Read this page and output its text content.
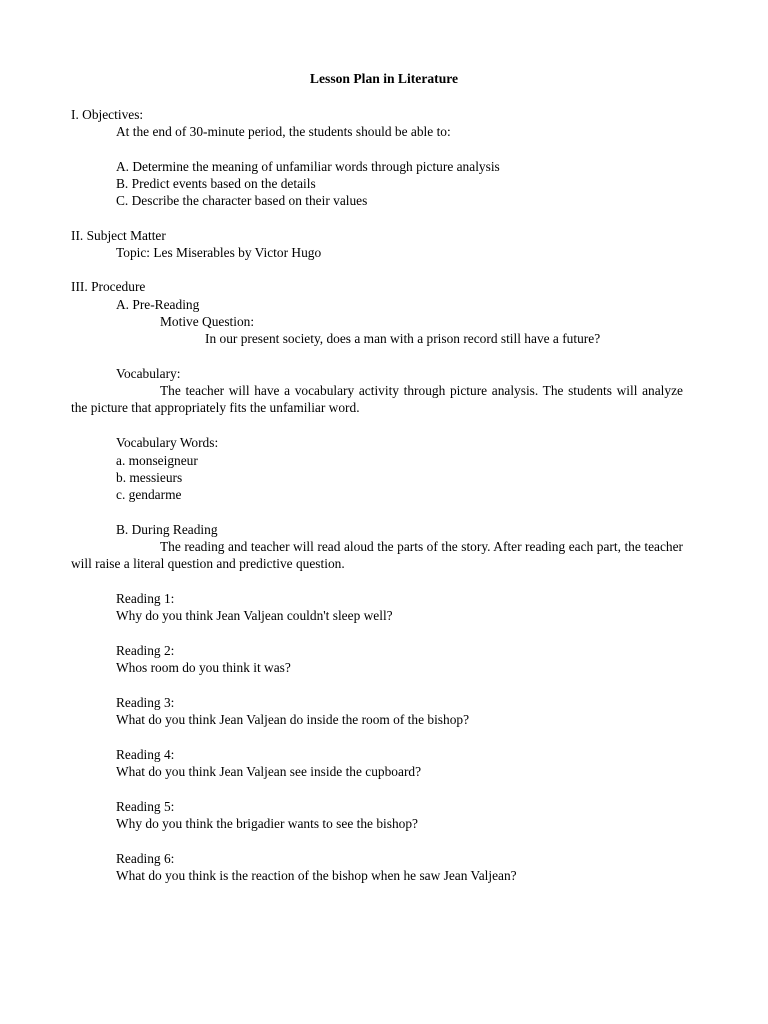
Lesson Plan in Literature
I. Objectives:
At the end of 30-minute period, the students should be able to:
A. Determine the meaning of unfamiliar words through picture analysis
B. Predict events based on the details
C. Describe the character based on their values
II. Subject Matter
Topic: Les Miserables by Victor Hugo
III. Procedure
A. Pre-Reading
Motive Question:
In our present society, does a man with a prison record still have a future?
Vocabulary:
The teacher will have a vocabulary activity through picture analysis. The students will analyze the picture that appropriately fits the unfamiliar word.
Vocabulary Words:
a. monseigneur
b. messieurs
c. gendarme
B. During Reading
The reading and teacher will read aloud the parts of the story. After reading each part, the teacher will raise a literal question and predictive question.
Reading 1:
Why do you think Jean Valjean couldn't sleep well?
Reading 2:
Whos room do you think it was?
Reading 3:
What do you think Jean Valjean do inside the room of the bishop?
Reading 4:
What do you think Jean Valjean see inside the cupboard?
Reading 5:
Why do you think the brigadier wants to see the bishop?
Reading 6:
What do you think is the reaction of the bishop when he saw Jean Valjean?
